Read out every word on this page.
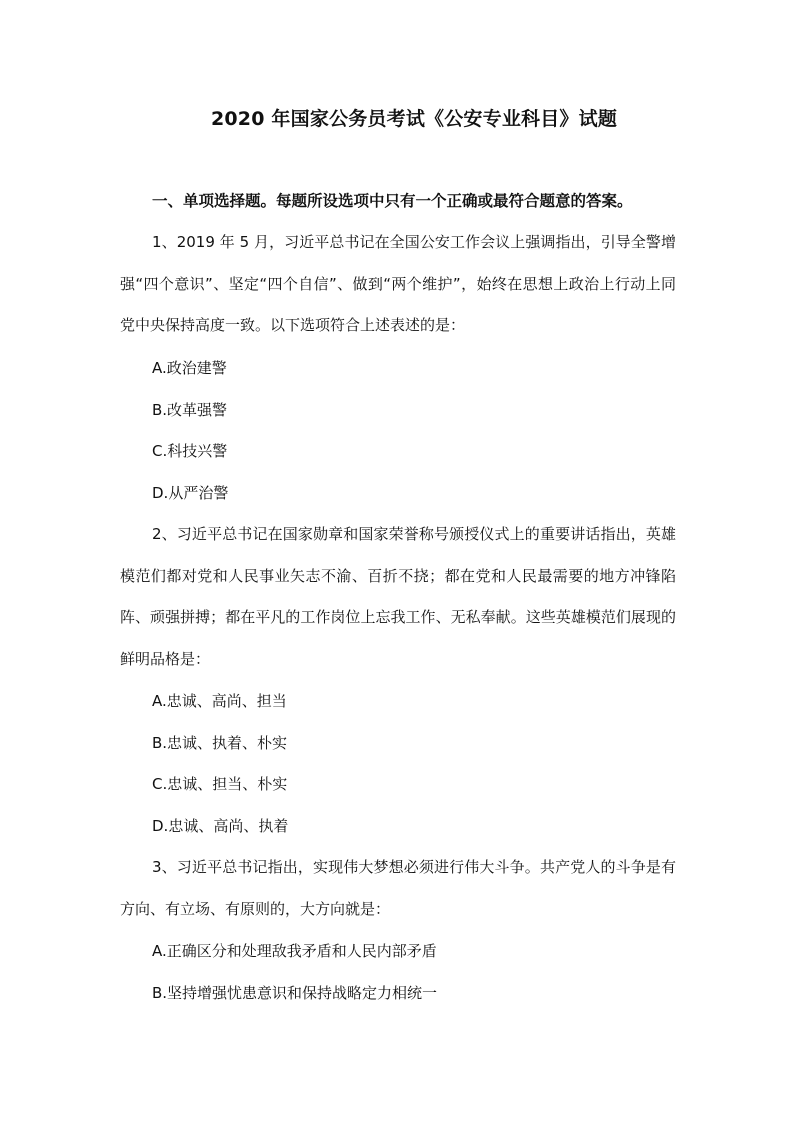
2020 年国家公务员考试《公安专业科目》试题
一、单项选择题。每题所设选项中只有一个正确或最符合题意的答案。
1、2019 年 5 月，习近平总书记在全国公安工作会议上强调指出，引导全警增强“四个意识”、坚定“四个自信”、做到“两个维护”，始终在思想上政治上行动上同党中央保持高度一致。以下选项符合上述表述的是：
A.政治建警
B.改革强警
C.科技兴警
D.从严治警
2、习近平总书记在国家勋章和国家荣誉称号颁授仪式上的重要讲话指出，英雄模范们都对党和人民事业矢志不渝、百折不挠；都在党和人民最需要的地方冲锋陷阵、顽强拼搏；都在平凡的工作岗位上忘我工作、无私奉献。这些英雄模范们展现的鲜明品格是：
A.忠诚、高尚、担当
B.忠诚、执着、朴实
C.忠诚、担当、朴实
D.忠诚、高尚、执着
3、习近平总书记指出，实现伟大梦想必须进行伟大斗争。共产党人的斗争是有方向、有立场、有原则的，大方向就是：
A.正确区分和处理敌我矛盾和人民内部矛盾
B.坚持增强忧患意识和保持战略定力相统一
